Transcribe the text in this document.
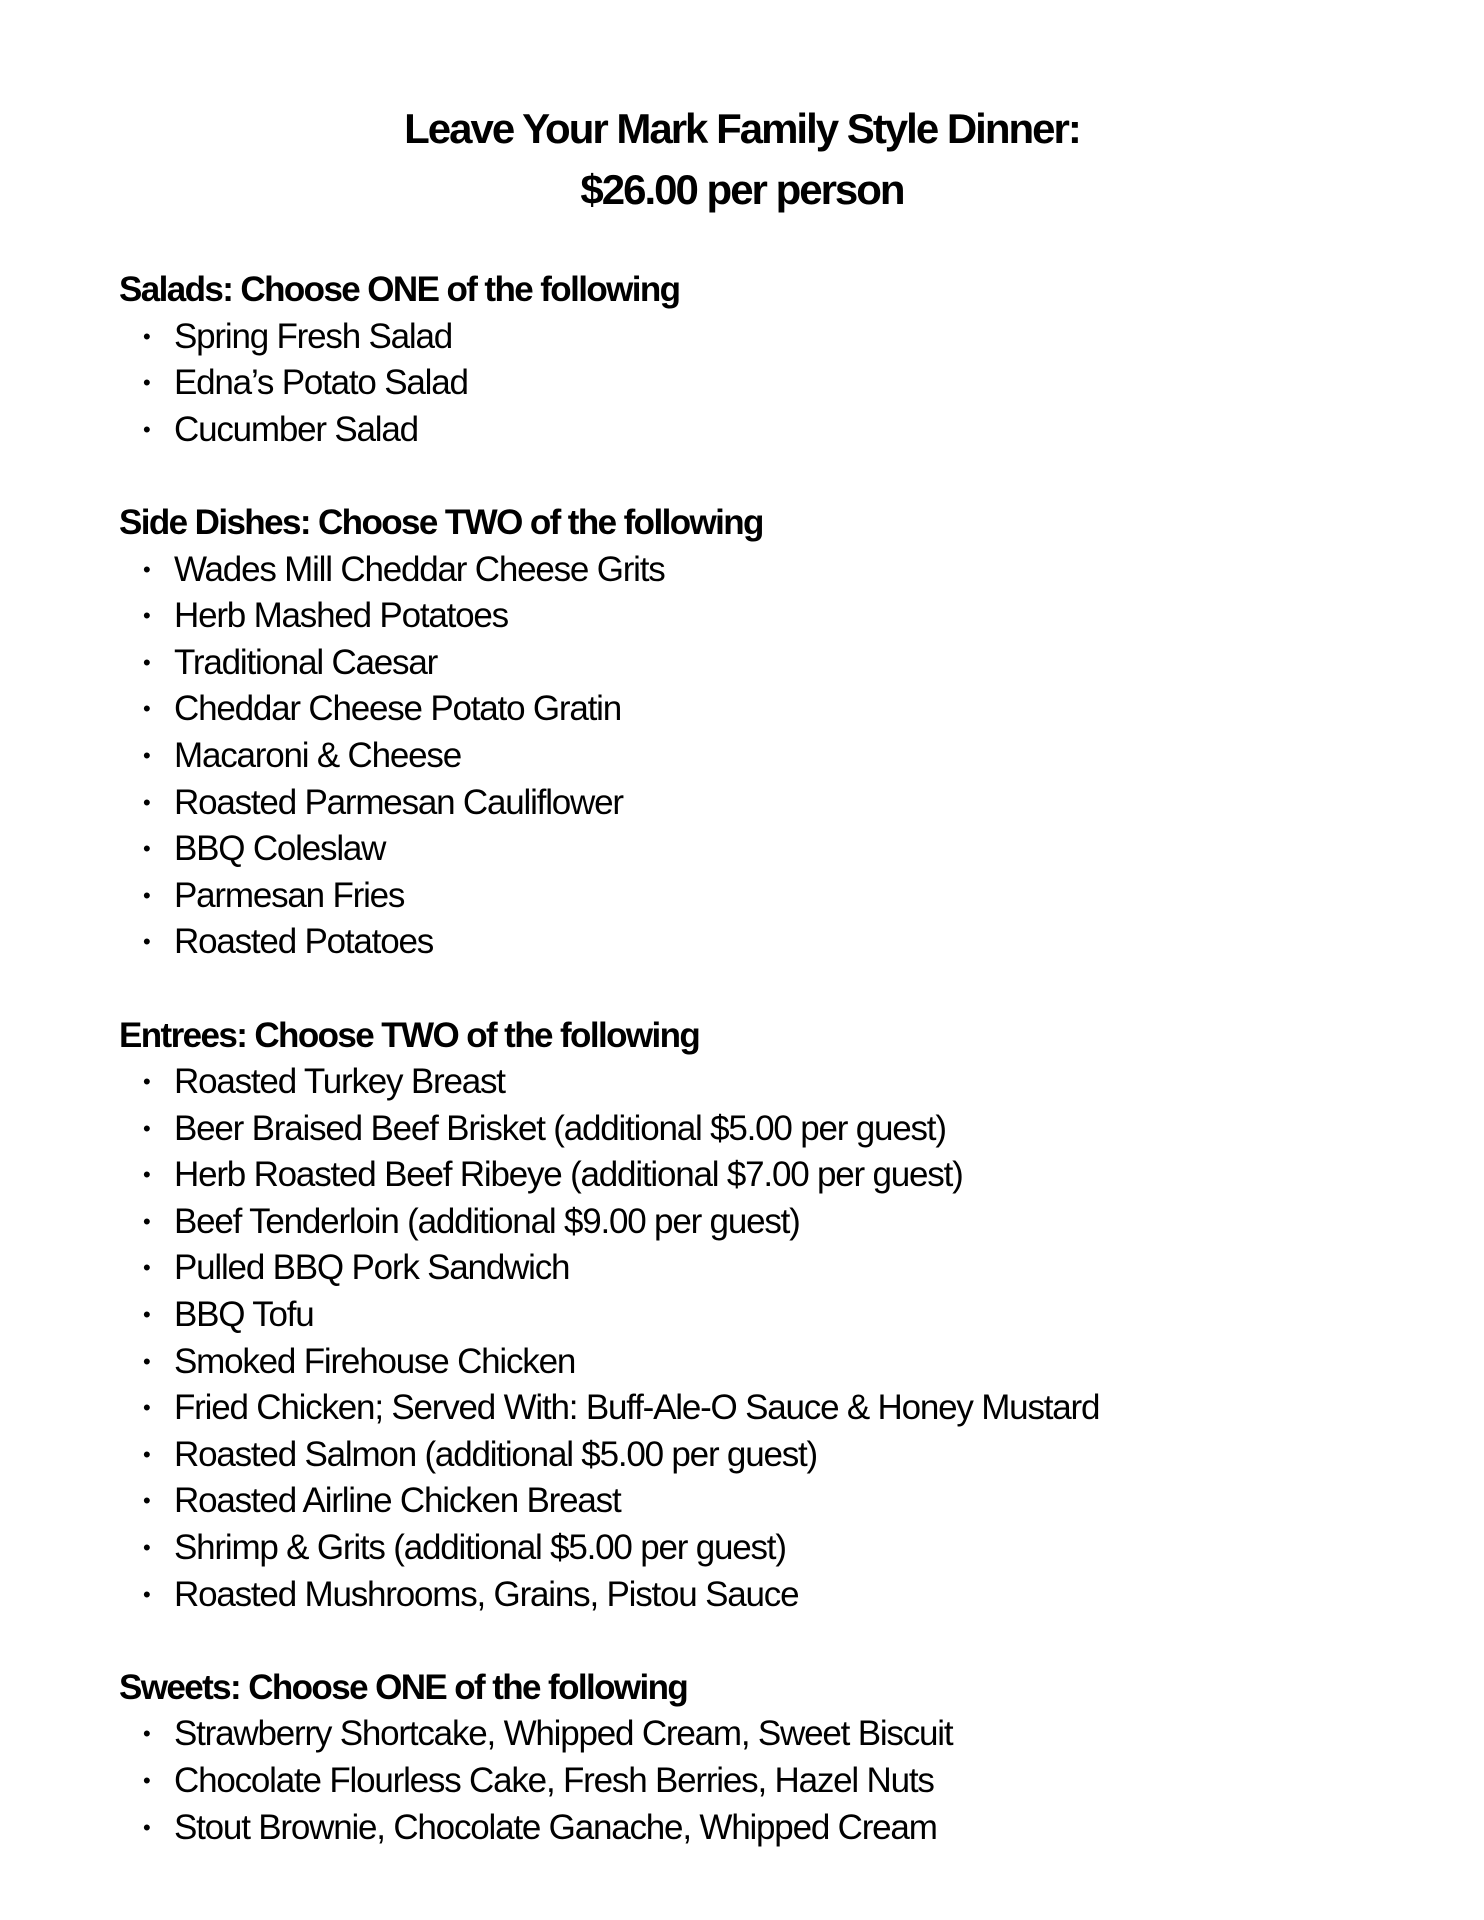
Leave Your Mark Family Style Dinner:
$26.00 per person
Salads: Choose ONE of the following
• Spring Fresh Salad
• Edna’s Potato Salad
• Cucumber Salad
Side Dishes: Choose TWO of the following
• Wades Mill Cheddar Cheese Grits
• Herb Mashed Potatoes
• Traditional Caesar
• Cheddar Cheese Potato Gratin
• Macaroni & Cheese
• Roasted Parmesan Cauliflower
• BBQ Coleslaw
• Parmesan Fries
• Roasted Potatoes
Entrees: Choose TWO of the following
• Roasted Turkey Breast
• Beer Braised Beef Brisket (additional $5.00 per guest)
• Herb Roasted Beef Ribeye (additional $7.00 per guest)
• Beef Tenderloin (additional $9.00 per guest)
• Pulled BBQ Pork Sandwich
• BBQ Tofu
• Smoked Firehouse Chicken
• Fried Chicken; Served With: Buff-Ale-O Sauce & Honey Mustard
• Roasted Salmon (additional $5.00 per guest)
• Roasted Airline Chicken Breast
• Shrimp & Grits (additional $5.00 per guest)
• Roasted Mushrooms, Grains, Pistou Sauce
Sweets: Choose ONE of the following
• Strawberry Shortcake, Whipped Cream, Sweet Biscuit
• Chocolate Flourless Cake, Fresh Berries, Hazel Nuts
• Stout Brownie, Chocolate Ganache, Whipped Cream
